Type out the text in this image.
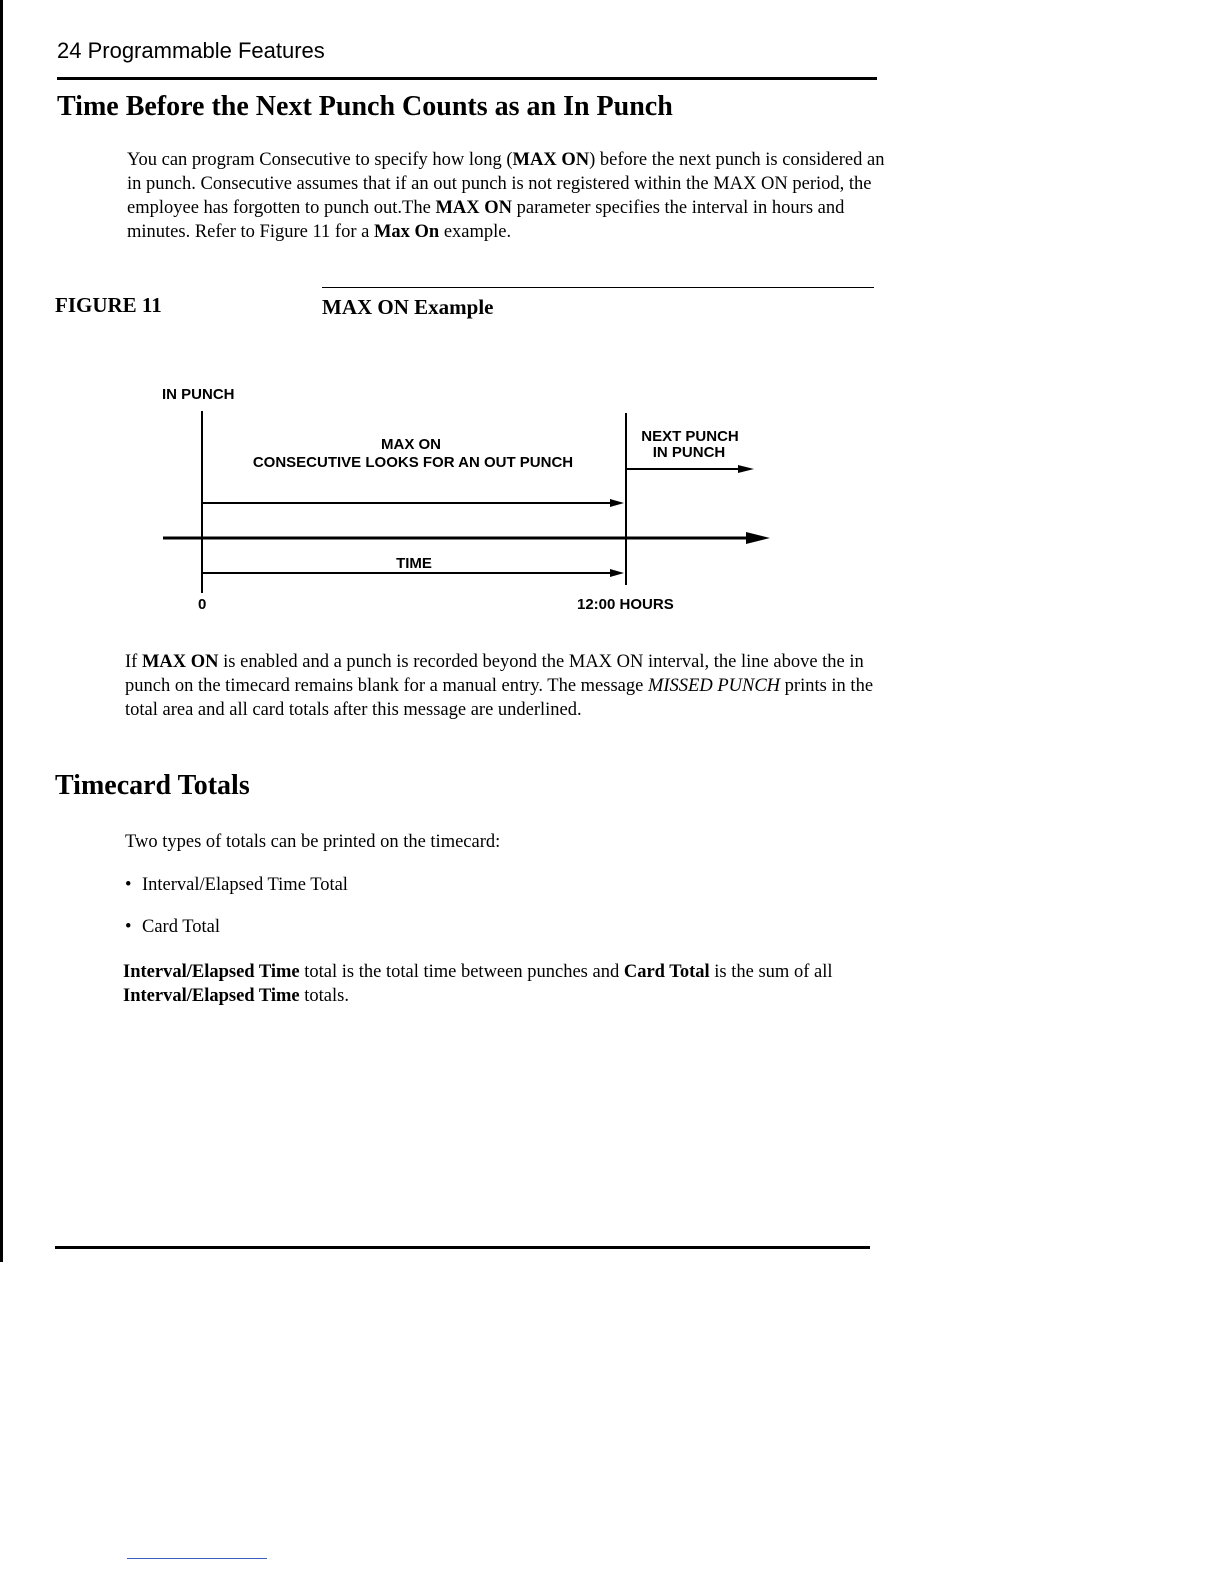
24 Programmable Features
Time Before the Next Punch Counts as an In Punch

You can program Consecutive to specify how long (MAX ON) before the next punch is considered an in punch. Consecutive assumes that if an out punch is not registered within the MAX ON period, the employee has forgotten to punch out.The MAX ON parameter specifies the interval in hours and minutes. Refer to Figure 11 for a Max On example.

FIGURE 11	MAX ON Example
IN PUNCH
MAX ON
CONSECUTIVE LOOKS FOR AN OUT PUNCH
NEXT PUNCH
IN PUNCH
TIME
0	12:00 HOURS

If MAX ON is enabled and a punch is recorded beyond the MAX ON interval, the line above the in punch on the timecard remains blank for a manual entry. The message MISSED PUNCH prints in the total area and all card totals after this message are underlined.

Timecard Totals

Two types of totals can be printed on the timecard:

• Interval/Elapsed Time Total
• Card Total

Interval/Elapsed Time total is the total time between punches and Card Total is the sum of all Interval/Elapsed Time totals.
